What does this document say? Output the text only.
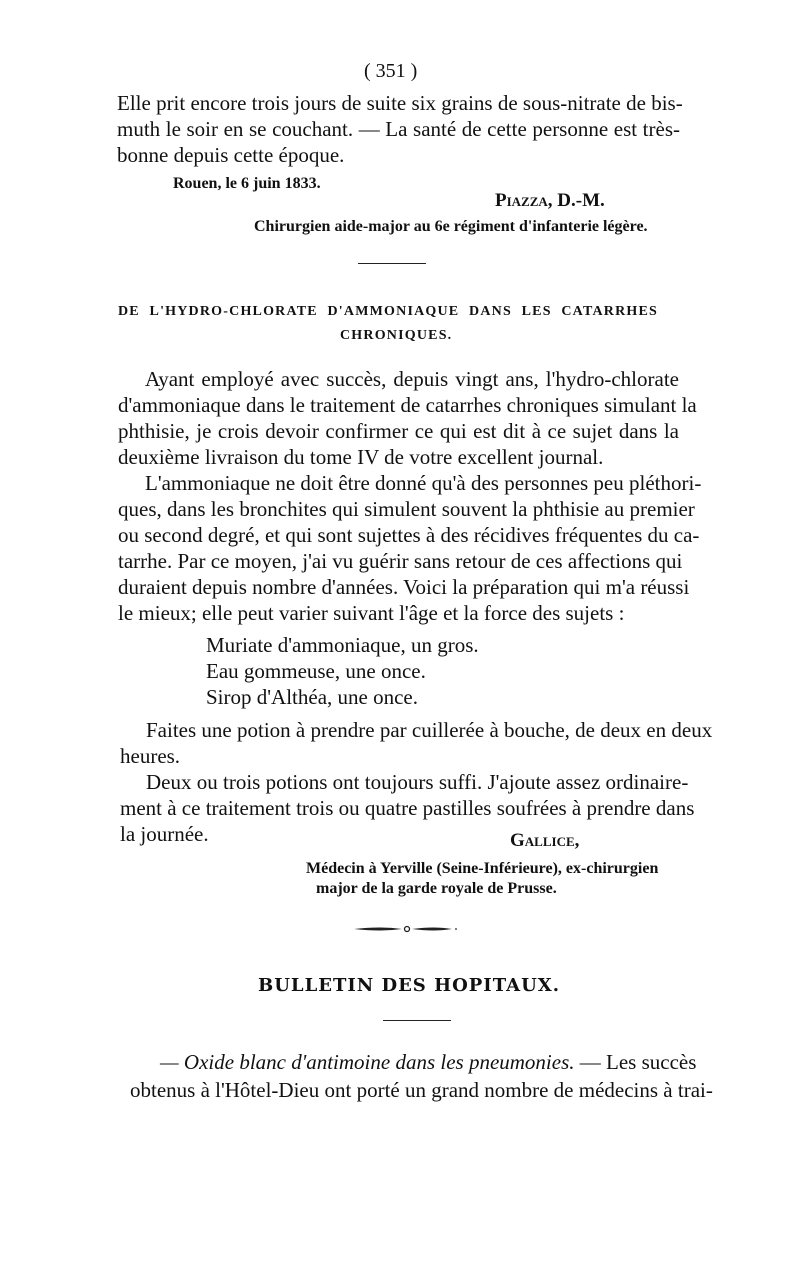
( 351 )
Elle prit encore trois jours de suite six grains de sous-nitrate de bis-
muth le soir en se couchant. — La santé de cette personne est très-
bonne depuis cette époque.
Rouen, le 6 juin 1833.
Piazza, D.-M.
Chirurgien aide-major au 6e régiment d'infanterie légère.
DE L'HYDRO-CHLORATE D'AMMONIAQUE DANS LES CATARRHES
CHRONIQUES.
Ayant employé avec succès, depuis vingt ans, l'hydro-chlorate
d'ammoniaque dans le traitement de catarrhes chroniques simulant la
phthisie, je crois devoir confirmer ce qui est dit à ce sujet dans la
deuxième livraison du tome IV de votre excellent journal.
L'ammoniaque ne doit être donné qu'à des personnes peu pléthori-
ques, dans les bronchites qui simulent souvent la phthisie au premier
ou second degré, et qui sont sujettes à des récidives fréquentes du ca-
tarrhe. Par ce moyen, j'ai vu guérir sans retour de ces affections qui
duraient depuis nombre d'années. Voici la préparation qui m'a réussi
le mieux; elle peut varier suivant l'âge et la force des sujets :
Muriate d'ammoniaque, un gros.
Eau gommeuse, une once.
Sirop d'Althéa, une once.
Faites une potion à prendre par cuillerée à bouche, de deux en deux
heures.
Deux ou trois potions ont toujours suffi. J'ajoute assez ordinaire-
ment à ce traitement trois ou quatre pastilles soufrées à prendre dans
la journée.	Gallice,
Médecin à Yerville (Seine-Inférieure), ex-chirurgien
major de la garde royale de Prusse.
BULLETIN DES HOPITAUX.
— Oxide blanc d'antimoine dans les pneumonies. — Les succès
obtenus à l'Hôtel-Dieu ont porté un grand nombre de médecins à trai-
